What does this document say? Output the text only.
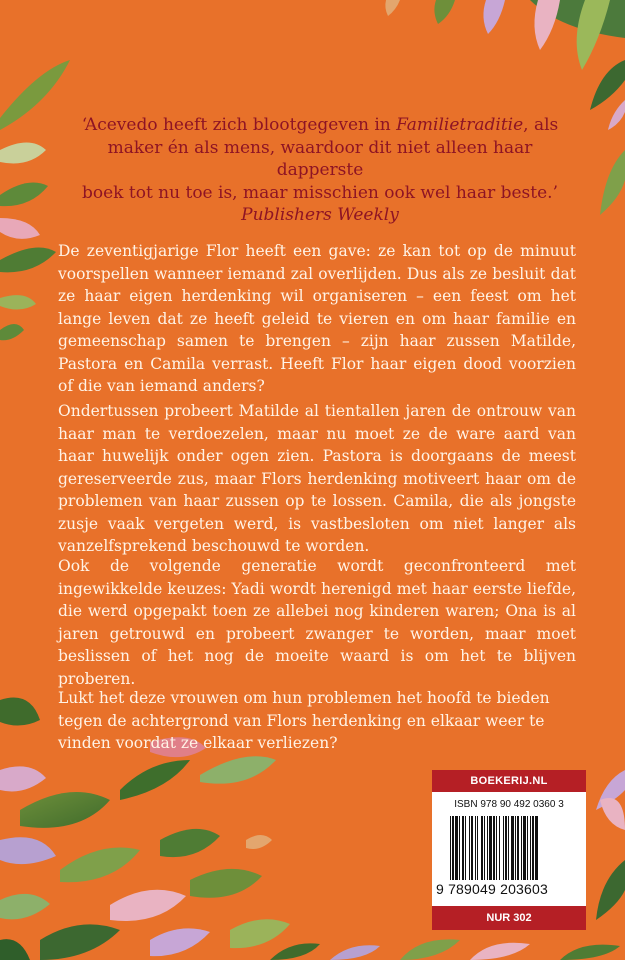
‘Acevedo heeft zich blootgegeven in Familietraditie, als
maker én als mens, waardoor dit niet alleen haar dapperste
boek tot nu toe is, maar misschien ook wel haar beste.’
Publishers Weekly

De zeventigjarige Flor heeft een gave: ze kan tot op de minuut voorspellen wanneer iemand zal overlijden. Dus als ze besluit dat ze haar eigen herdenking wil organiseren – een feest om het lange leven dat ze heeft geleid te vieren en om haar familie en gemeenschap samen te brengen – zijn haar zussen Matilde, Pastora en Camila verrast. Heeft Flor haar eigen dood voorzien of die van iemand anders?

Ondertussen probeert Matilde al tientallen jaren de ontrouw van haar man te verdoezelen, maar nu moet ze de ware aard van haar huwelijk onder ogen zien. Pastora is doorgaans de meest gereserveerde zus, maar Flors herdenking motiveert haar om de problemen van haar zussen op te lossen. Camila, die als jongste zusje vaak vergeten werd, is vastbesloten om niet langer als vanzelfsprekend beschouwd te worden.

Ook de volgende generatie wordt geconfronteerd met ingewikkelde keuzes: Yadi wordt herenigd met haar eerste liefde, die werd opgepakt toen ze allebei nog kinderen waren; Ona is al jaren getrouwd en probeert zwanger te worden, maar moet beslissen of het nog de moeite waard is om het te blijven proberen.

Lukt het deze vrouwen om hun problemen het hoofd te bieden tegen de achtergrond van Flors herdenking en elkaar weer te vinden voordat ze elkaar verliezen?

BOEKERIJ.NL
ISBN 978 90 492 0360 3
9 789049 203603
NUR 302
